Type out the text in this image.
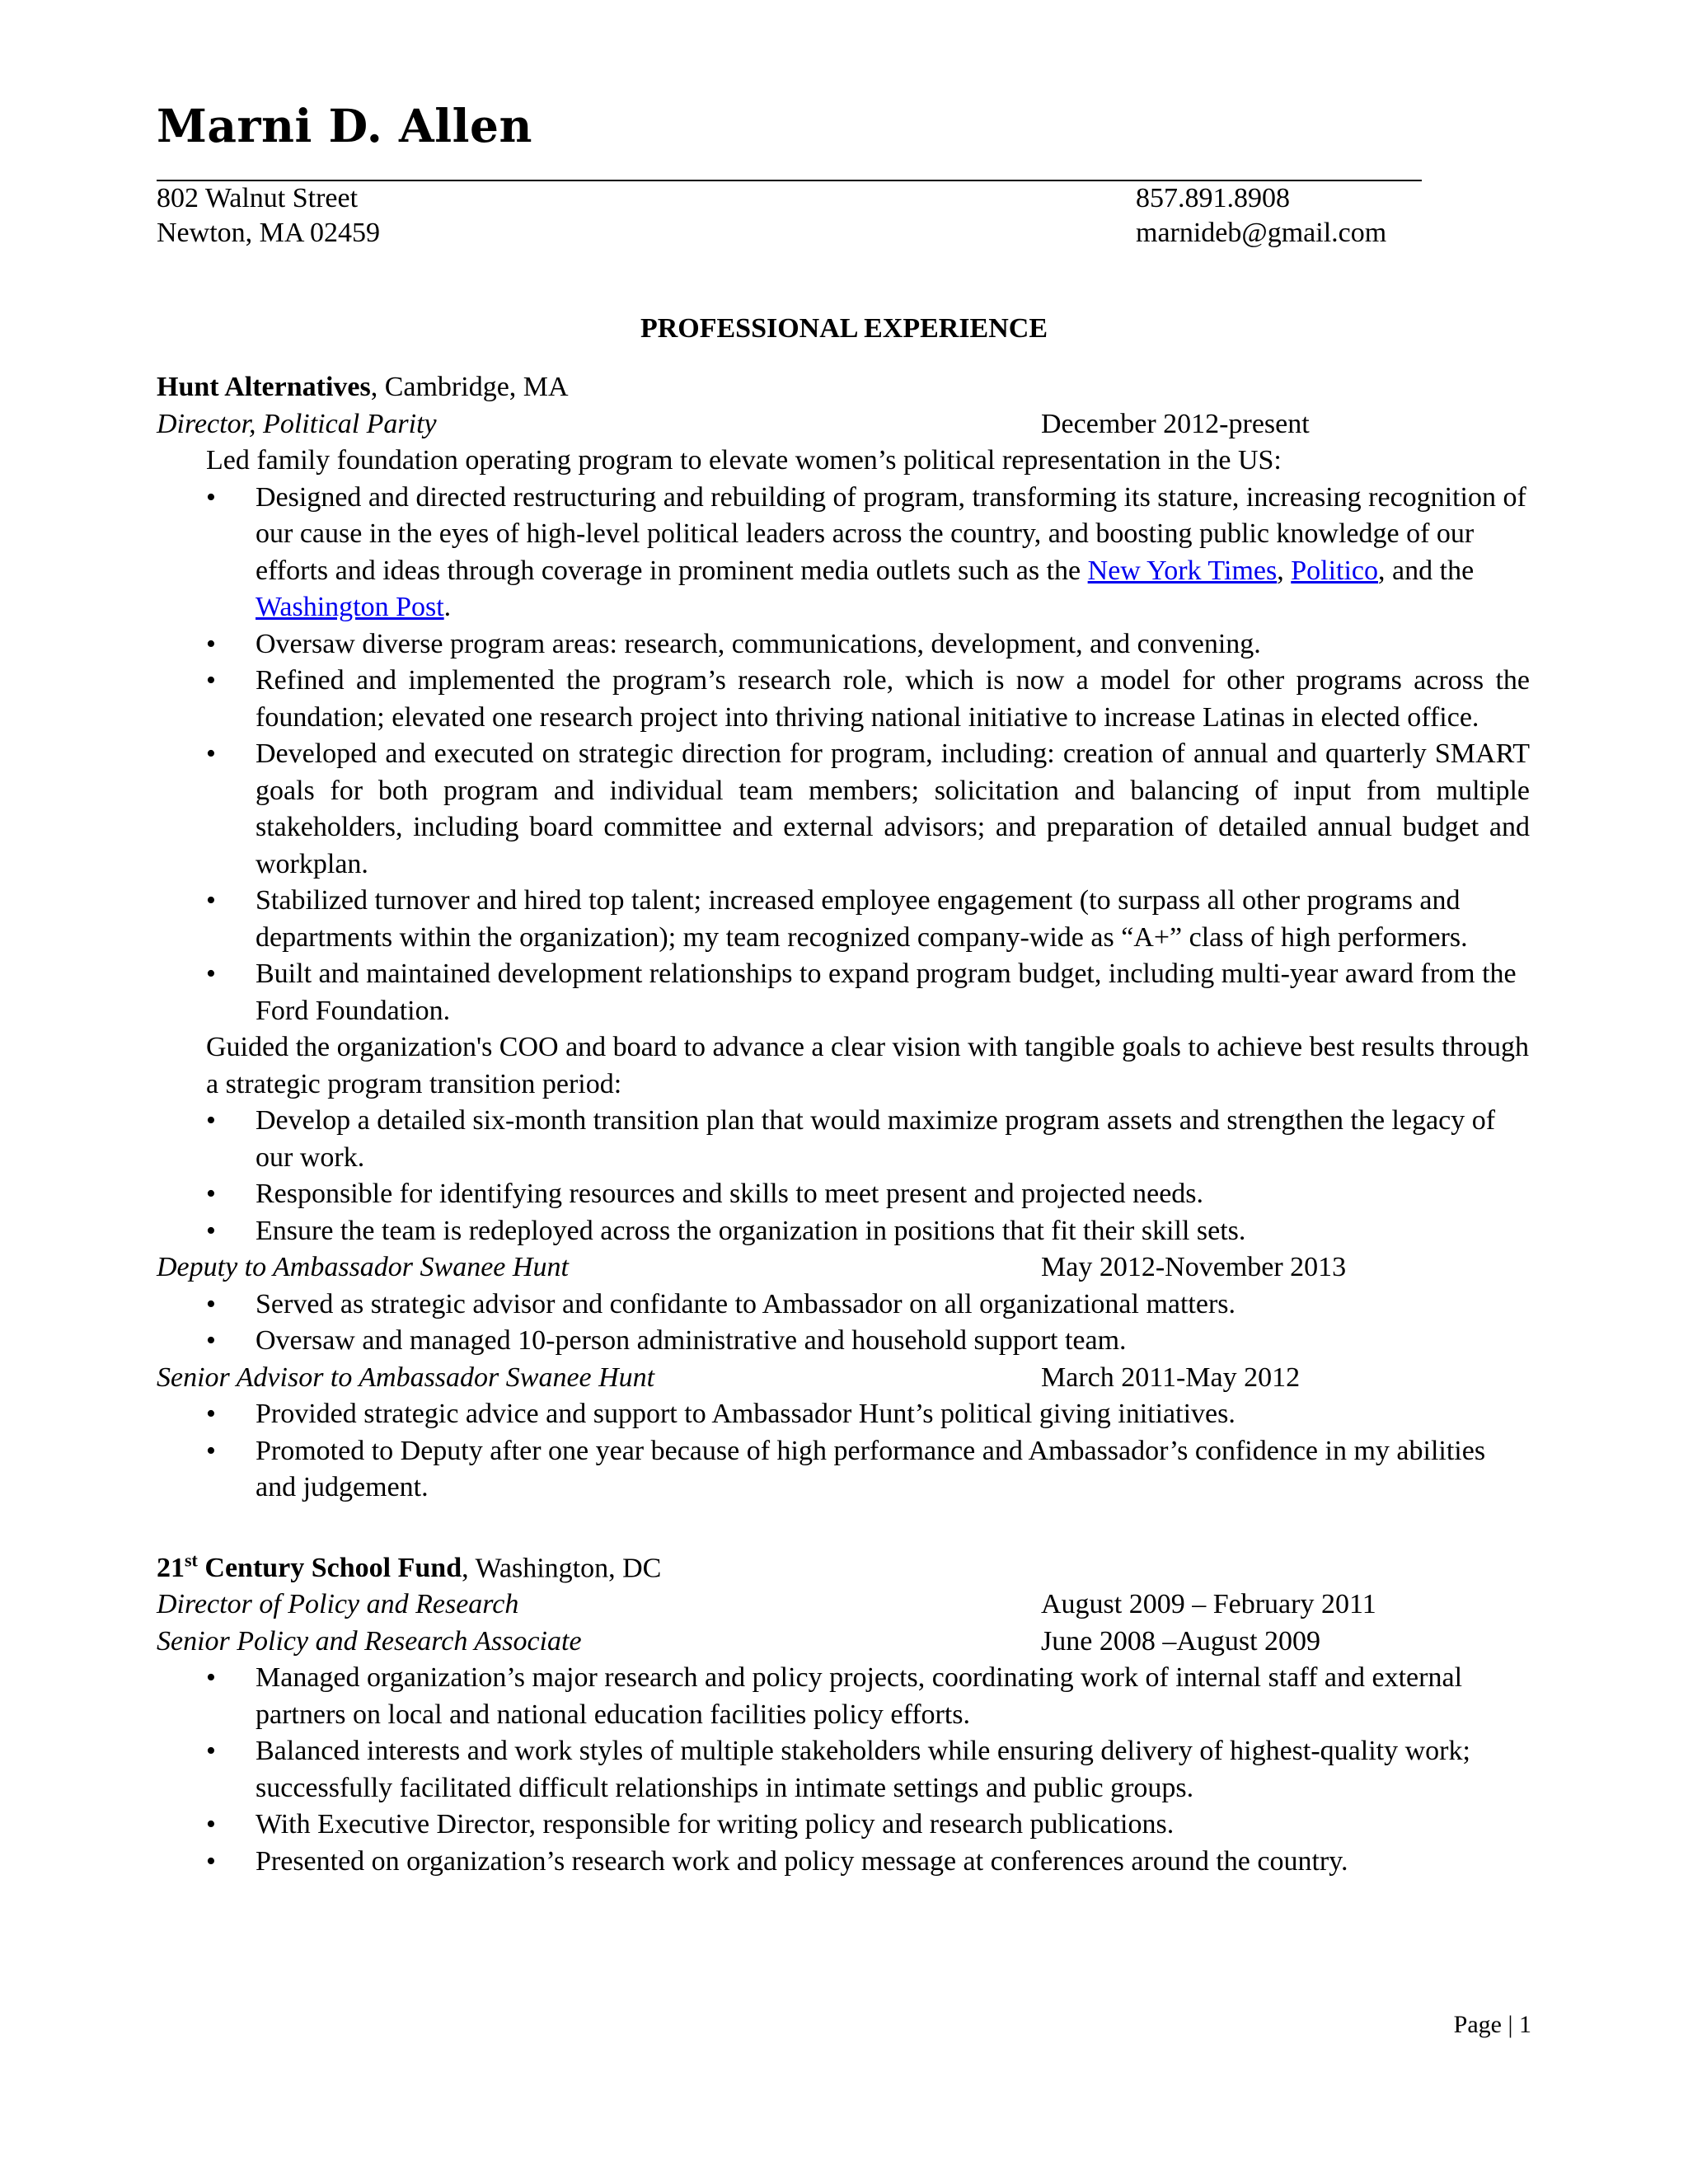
Marni D. Allen
802 Walnut Street
Newton, MA 02459
857.891.8908
marnideb@gmail.com
PROFESSIONAL EXPERIENCE
Hunt Alternatives, Cambridge, MA
Director, Political Parity	December 2012-present
Led family foundation operating program to elevate women’s political representation in the US:
• Designed and directed restructuring and rebuilding of program, transforming its stature, increasing recognition of our cause in the eyes of high-level political leaders across the country, and boosting public knowledge of our efforts and ideas through coverage in prominent media outlets such as the New York Times, Politico, and the Washington Post.
• Oversaw diverse program areas: research, communications, development, and convening.
• Refined and implemented the program’s research role, which is now a model for other programs across the foundation; elevated one research project into thriving national initiative to increase Latinas in elected office.
• Developed and executed on strategic direction for program, including: creation of annual and quarterly SMART goals for both program and individual team members; solicitation and balancing of input from multiple stakeholders, including board committee and external advisors; and preparation of detailed annual budget and workplan.
• Stabilized turnover and hired top talent; increased employee engagement (to surpass all other programs and departments within the organization); my team recognized company-wide as “A+” class of high performers.
• Built and maintained development relationships to expand program budget, including multi-year award from the Ford Foundation.
Guided the organization's COO and board to advance a clear vision with tangible goals to achieve best results through a strategic program transition period:
• Develop a detailed six-month transition plan that would maximize program assets and strengthen the legacy of our work.
• Responsible for identifying resources and skills to meet present and projected needs.
• Ensure the team is redeployed across the organization in positions that fit their skill sets.
Deputy to Ambassador Swanee Hunt	May 2012-November 2013
• Served as strategic advisor and confidante to Ambassador on all organizational matters.
• Oversaw and managed 10-person administrative and household support team.
Senior Advisor to Ambassador Swanee Hunt	March 2011-May 2012
• Provided strategic advice and support to Ambassador Hunt’s political giving initiatives.
• Promoted to Deputy after one year because of high performance and Ambassador’s confidence in my abilities and judgement.
21st Century School Fund, Washington, DC
Director of Policy and Research	August 2009 – February 2011
Senior Policy and Research Associate	June 2008 –August 2009
• Managed organization’s major research and policy projects, coordinating work of internal staff and external partners on local and national education facilities policy efforts.
• Balanced interests and work styles of multiple stakeholders while ensuring delivery of highest-quality work; successfully facilitated difficult relationships in intimate settings and public groups.
• With Executive Director, responsible for writing policy and research publications.
• Presented on organization’s research work and policy message at conferences around the country.
Page | 1
